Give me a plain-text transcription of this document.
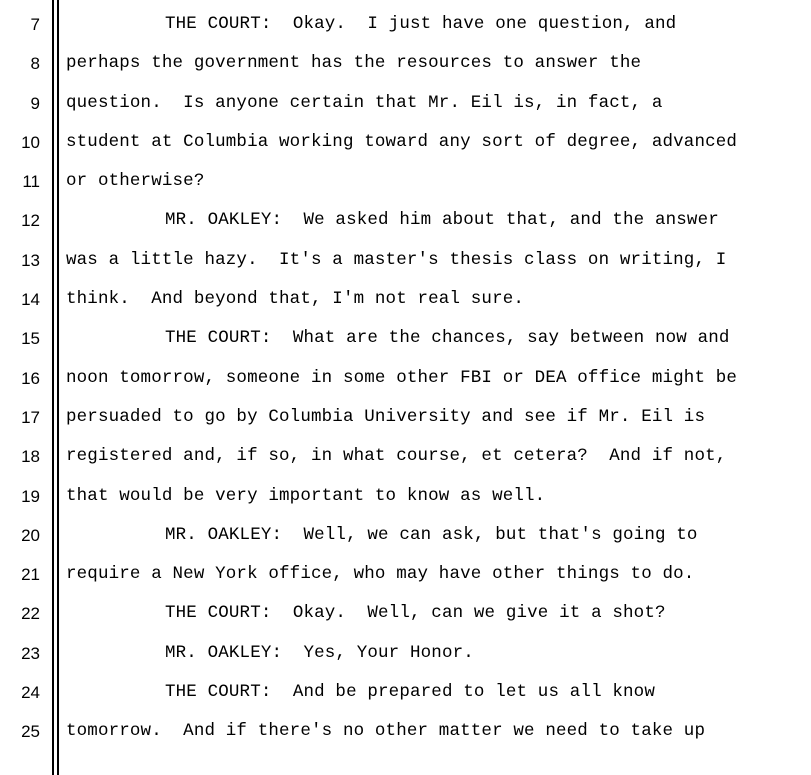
7	THE COURT:  Okay.  I just have one question, and
8 perhaps the government has the resources to answer the
9 question.  Is anyone certain that Mr. Eil is, in fact, a
10 student at Columbia working toward any sort of degree, advanced
11 or otherwise?
12	MR. OAKLEY:  We asked him about that, and the answer
13 was a little hazy.  It's a master's thesis class on writing, I
14 think.  And beyond that, I'm not real sure.
15	THE COURT:  What are the chances, say between now and
16 noon tomorrow, someone in some other FBI or DEA office might be
17 persuaded to go by Columbia University and see if Mr. Eil is
18 registered and, if so, in what course, et cetera?  And if not,
19 that would be very important to know as well.
20	MR. OAKLEY:  Well, we can ask, but that's going to
21 require a New York office, who may have other things to do.
22	THE COURT:  Okay.  Well, can we give it a shot?
23	MR. OAKLEY:  Yes, Your Honor.
24	THE COURT:  And be prepared to let us all know
25 tomorrow.  And if there's no other matter we need to take up
